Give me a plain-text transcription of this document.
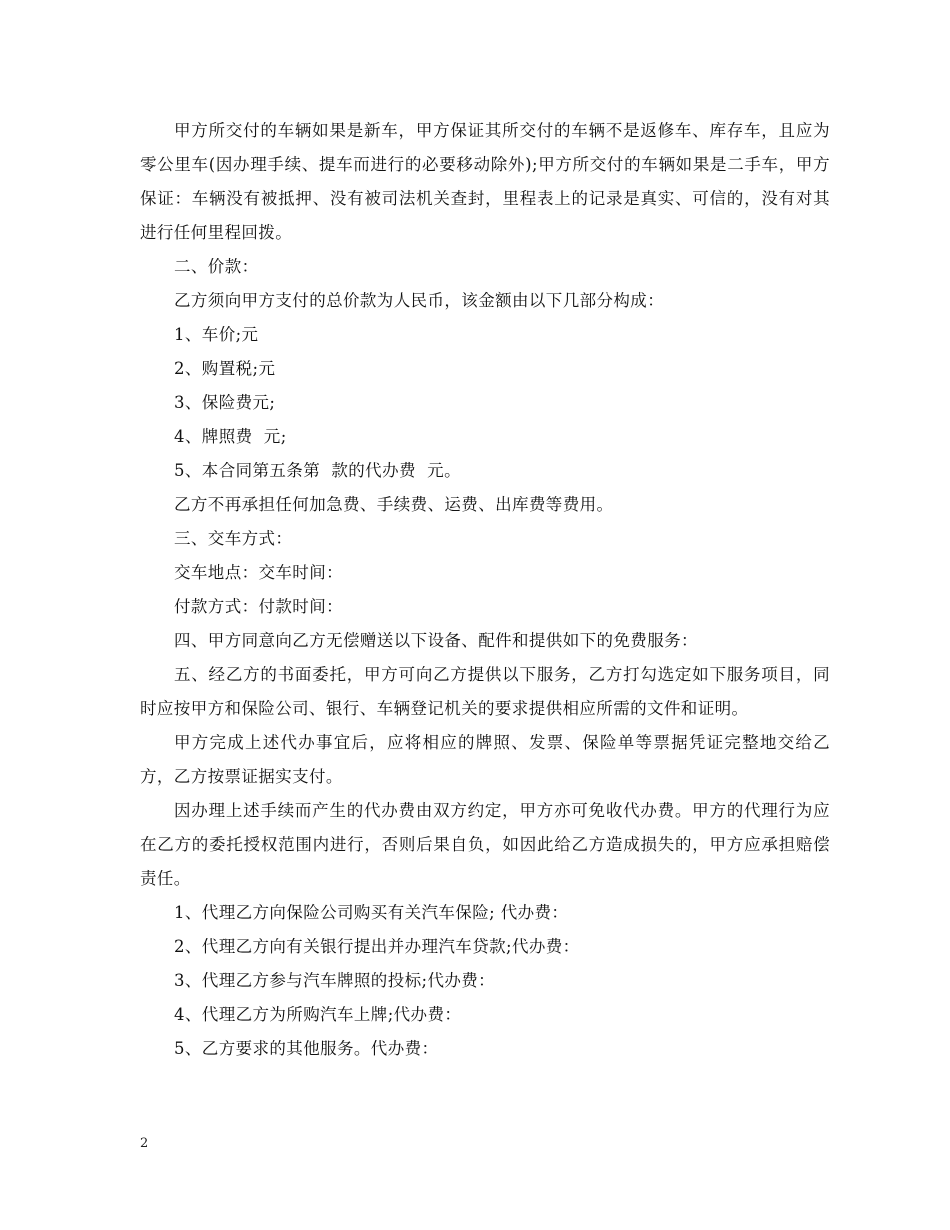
甲方所交付的车辆如果是新车，甲方保证其所交付的车辆不是返修车、库存车，且应为零公里车(因办理手续、提车而进行的必要移动除外);甲方所交付的车辆如果是二手车，甲方保证：车辆没有被抵押、没有被司法机关查封，里程表上的记录是真实、可信的，没有对其进行任何里程回拨。

二、价款：

乙方须向甲方支付的总价款为人民币，该金额由以下几部分构成：

1、车价;元

2、购置税;元

3、保险费元;

4、牌照费  元;

5、本合同第五条第  款的代办费  元。

乙方不再承担任何加急费、手续费、运费、出库费等费用。

三、交车方式：

交车地点：交车时间：

付款方式：付款时间：

四、甲方同意向乙方无偿赠送以下设备、配件和提供如下的免费服务：

五、经乙方的书面委托，甲方可向乙方提供以下服务，乙方打勾选定如下服务项目，同时应按甲方和保险公司、银行、车辆登记机关的要求提供相应所需的文件和证明。

甲方完成上述代办事宜后，应将相应的牌照、发票、保险单等票据凭证完整地交给乙方，乙方按票证据实支付。

因办理上述手续而产生的代办费由双方约定，甲方亦可免收代办费。甲方的代理行为应在乙方的委托授权范围内进行，否则后果自负，如因此给乙方造成损失的，甲方应承担赔偿责任。

1、代理乙方向保险公司购买有关汽车保险; 代办费：

2、代理乙方向有关银行提出并办理汽车贷款;代办费：

3、代理乙方参与汽车牌照的投标;代办费：

4、代理乙方为所购汽车上牌;代办费：

5、乙方要求的其他服务。代办费：

2
